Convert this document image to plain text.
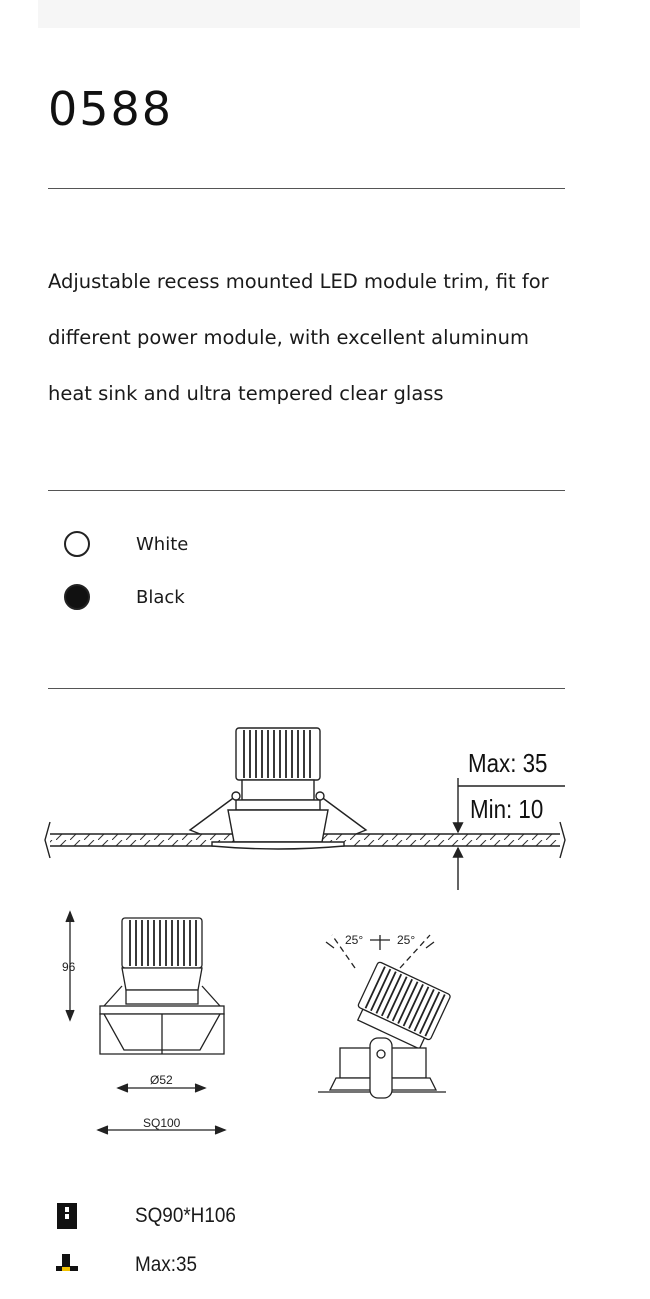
0588
Adjustable recess mounted LED module trim, fit for
different power module, with excellent aluminum
heat sink and ultra tempered clear glass
White
Black
Max: 35
Min: 10
96
Ø52
SQ100
25°	25°
SQ90*H106
Max:35
